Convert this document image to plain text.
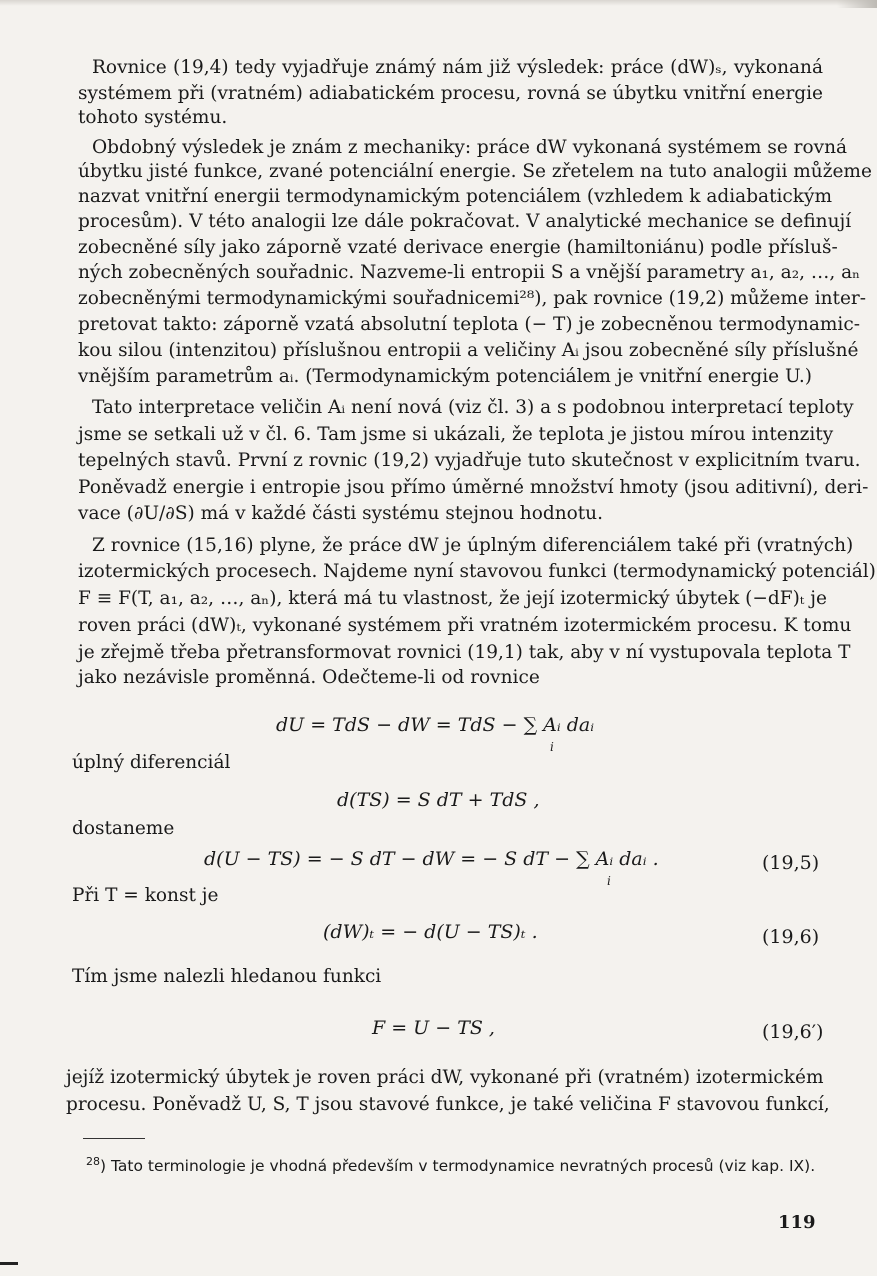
Rovnice (19,4) tedy vyjadřuje známý nám již výsledek: práce (dW)ₛ, vykonaná
systémem při (vratném) adiabatickém procesu, rovná se úbytku vnitřní energie
tohoto systému.
Obdobný výsledek je znám z mechaniky: práce dW vykonaná systémem se rovná
úbytku jisté funkce, zvané potenciální energie. Se zřetelem na tuto analogii můžeme
nazvat vnitřní energii termodynamickým potenciálem (vzhledem k adiabatickým
procesům). V této analogii lze dále pokračovat. V analytické mechanice se definují
zobecněné síly jako záporně vzaté derivace energie (hamiltoniánu) podle přísluš-
ných zobecněných souřadnic. Nazveme-li entropii S a vnější parametry a₁, a₂, …, aₙ
zobecněnými termodynamickými souřadnicemi²⁸), pak rovnice (19,2) můžeme inter-
pretovat takto: záporně vzatá absolutní teplota (− T) je zobecněnou termodynamic-
kou silou (intenzitou) příslušnou entropii a veličiny Aᵢ jsou zobecněné síly příslušné
vnějším parametrům aᵢ. (Termodynamickým potenciálem je vnitřní energie U.)
Tato interpretace veličin Aᵢ není nová (viz čl. 3) a s podobnou interpretací teploty
jsme se setkali už v čl. 6. Tam jsme si ukázali, že teplota je jistou mírou intenzity
tepelných stavů. První z rovnic (19,2) vyjadřuje tuto skutečnost v explicitním tvaru.
Poněvadž energie i entropie jsou přímo úměrné množství hmoty (jsou aditivní), deri-
vace (∂U/∂S) má v každé části systému stejnou hodnotu.
Z rovnice (15,16) plyne, že práce dW je úplným diferenciálem také při (vratných)
izotermických procesech. Najdeme nyní stavovou funkci (termodynamický potenciál)
F ≡ F(T, a₁, a₂, …, aₙ), která má tu vlastnost, že její izotermický úbytek (−dF)ₜ je
roven práci (dW)ₜ, vykonané systémem při vratném izotermickém procesu. K tomu
je zřejmě třeba přetransformovat rovnici (19,1) tak, aby v ní vystupovala teplota T
jako nezávisle proměnná. Odečteme-li od rovnice
dU = TdS − dW = TdS − ∑ Aᵢ daᵢ
i
úplný diferenciál
d(TS) = S dT + TdS ,
dostaneme
d(U − TS) = − S dT − dW = − S dT − ∑ Aᵢ daᵢ .
i
(19,5)
Při T = konst je
(dW)ₜ = − d(U − TS)ₜ .	(19,6)
Tím jsme nalezli hledanou funkci
F = U − TS ,	(19,6′)
jejíž izotermický úbytek je roven práci dW, vykonané při (vratném) izotermickém
procesu. Poněvadž U, S, T jsou stavové funkce, je také veličina F stavovou funkcí,
$^{28}$) Tato terminologie je vhodná především v termodynamice nevratných procesů (viz kap. IX).
119
